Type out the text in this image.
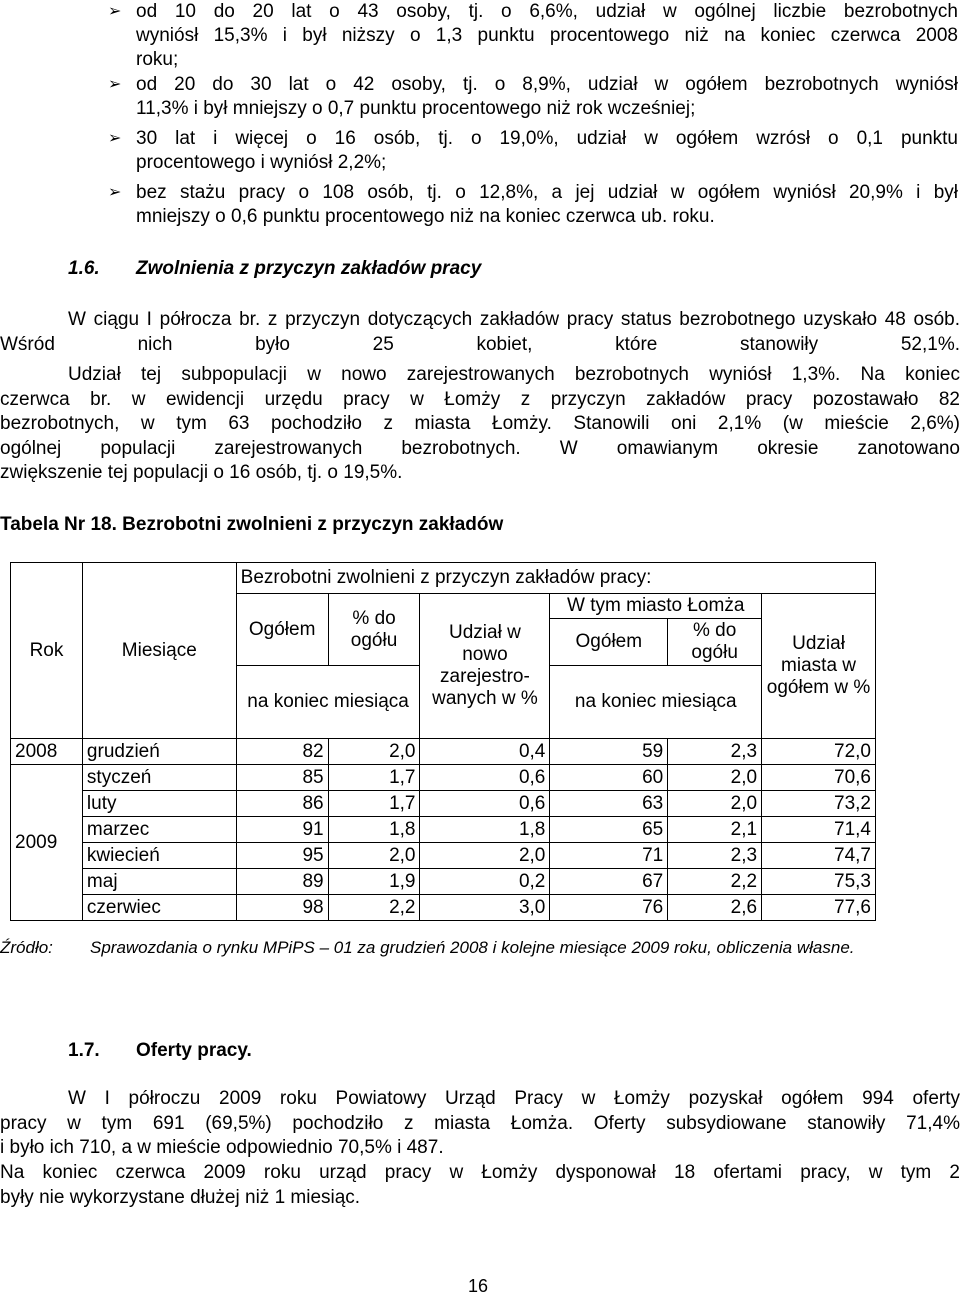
➢ od 10 do 20 lat o 43 osoby, tj. o 6,6%, udział w ogólnej liczbie bezrobotnych
wyniósł 15,3% i był niższy o 1,3 punktu procentowego niż na koniec czerwca 2008
roku;
➢ od 20 do 30 lat o 42 osoby, tj. o 8,9%, udział w ogółem bezrobotnych wyniósł
11,3% i był mniejszy o 0,7 punktu procentowego niż rok wcześniej;
➢ 30 lat i więcej o 16 osób, tj. o 19,0%, udział w ogółem wzrósł o 0,1 punktu
procentowego i wyniósł 2,2%;
➢ bez stażu pracy o 108 osób, tj. o 12,8%, a jej udział w ogółem wyniósł 20,9% i był
mniejszy o 0,6 punktu procentowego niż na koniec czerwca ub. roku.
1.6. Zwolnienia z przyczyn zakładów pracy
W ciągu I półrocza br. z przyczyn dotyczących zakładów pracy status bezrobotnego uzyskało 48 osób. Wśród nich było 25 kobiet, które stanowiły 52,1%.
Udział tej subpopulacji w nowo zarejestrowanych bezrobotnych wyniósł 1,3%. Na koniec
czerwca br. w ewidencji urzędu pracy w Łomży z przyczyn zakładów pracy pozostawało 82
bezrobotnych, w tym 63 pochodziło z miasta Łomży. Stanowili oni 2,1% (w mieście 2,6%)
ogólnej populacji zarejestrowanych bezrobotnych. W omawianym okresie zanotowano
zwiększenie tej populacji o 16 osób, tj. o 19,5%.
Tabela Nr 18. Bezrobotni zwolnieni z przyczyn zakładów
Rok	Miesiące	Bezrobotni zwolnieni z przyczyn zakładów pracy:					
		Ogółem	% do ogółu	Udział w nowo zarejestro-wanych w %	W tym miasto Łomża		Udział miasta w ogółem w %
					Ogółem	% do ogółu	
		na koniec miesiąca			na koniec miesiąca		
2008	grudzień	82	2,0	0,4	59	2,3	72,0
2009	styczeń	85	1,7	0,6	60	2,0	70,6
	luty	86	1,7	0,6	63	2,0	73,2
	marzec	91	1,8	1,8	65	2,1	71,4
	kwiecień	95	2,0	2,0	71	2,3	74,7
	maj	89	1,9	0,2	67	2,2	75,3
	czerwiec	98	2,2	3,0	76	2,6	77,6
Źródło: Sprawozdania o rynku MPiPS – 01 za grudzień 2008 i kolejne miesiące 2009 roku, obliczenia własne.
1.7. Oferty pracy.
W I półroczu 2009 roku Powiatowy Urząd Pracy w Łomży pozyskał ogółem 994 oferty
pracy w tym 691 (69,5%) pochodziło z miasta Łomża. Oferty subsydiowane stanowiły 71,4%
i było ich 710, a w mieście odpowiednio 70,5% i 487.
Na koniec czerwca 2009 roku urząd pracy w Łomży dysponował 18 ofertami pracy, w tym 2
były nie wykorzystane dłużej niż 1 miesiąc.
16
